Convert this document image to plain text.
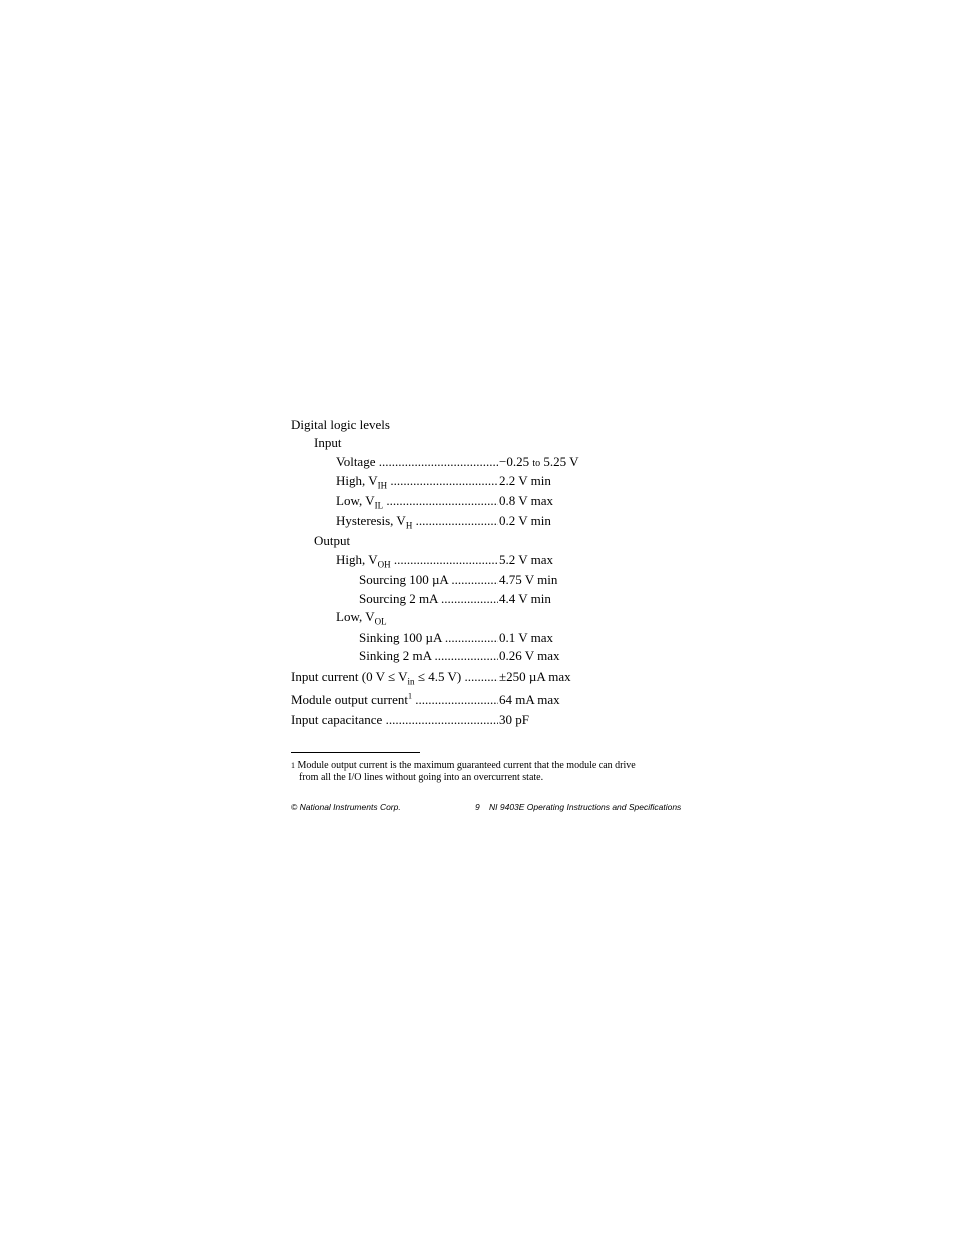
Digital logic levels
Input
Voltage .....	−0.25 to 5.25 V
High, $V_{IH}$ .....	2.2 V min
Low, $V_{IL}$ .....	0.8 V max
Hysteresis, $V_H$ .....	0.2 V min
Output
High, $V_{OH}$ .....	5.2 V max
Sourcing 100 µA .....	4.75 V min
Sourcing 2 mA .....	4.4 V min
Low, $V_{OL}$
Sinking 100 µA .....	0.1 V max
Sinking 2 mA .....	0.26 V max
Input current (0 $V \le V_{in} \le 4.5$ V) .....	±250 µA max
Module output current$^1$ .....	64 mA max
Input capacitance .....	30 pF
$^1$ Module output current is the maximum guaranteed current that the module can drive
from all the I/O lines without going into an overcurrent state.
© National Instruments Corp.	9 NI 9403E Operating Instructions and Specifications
